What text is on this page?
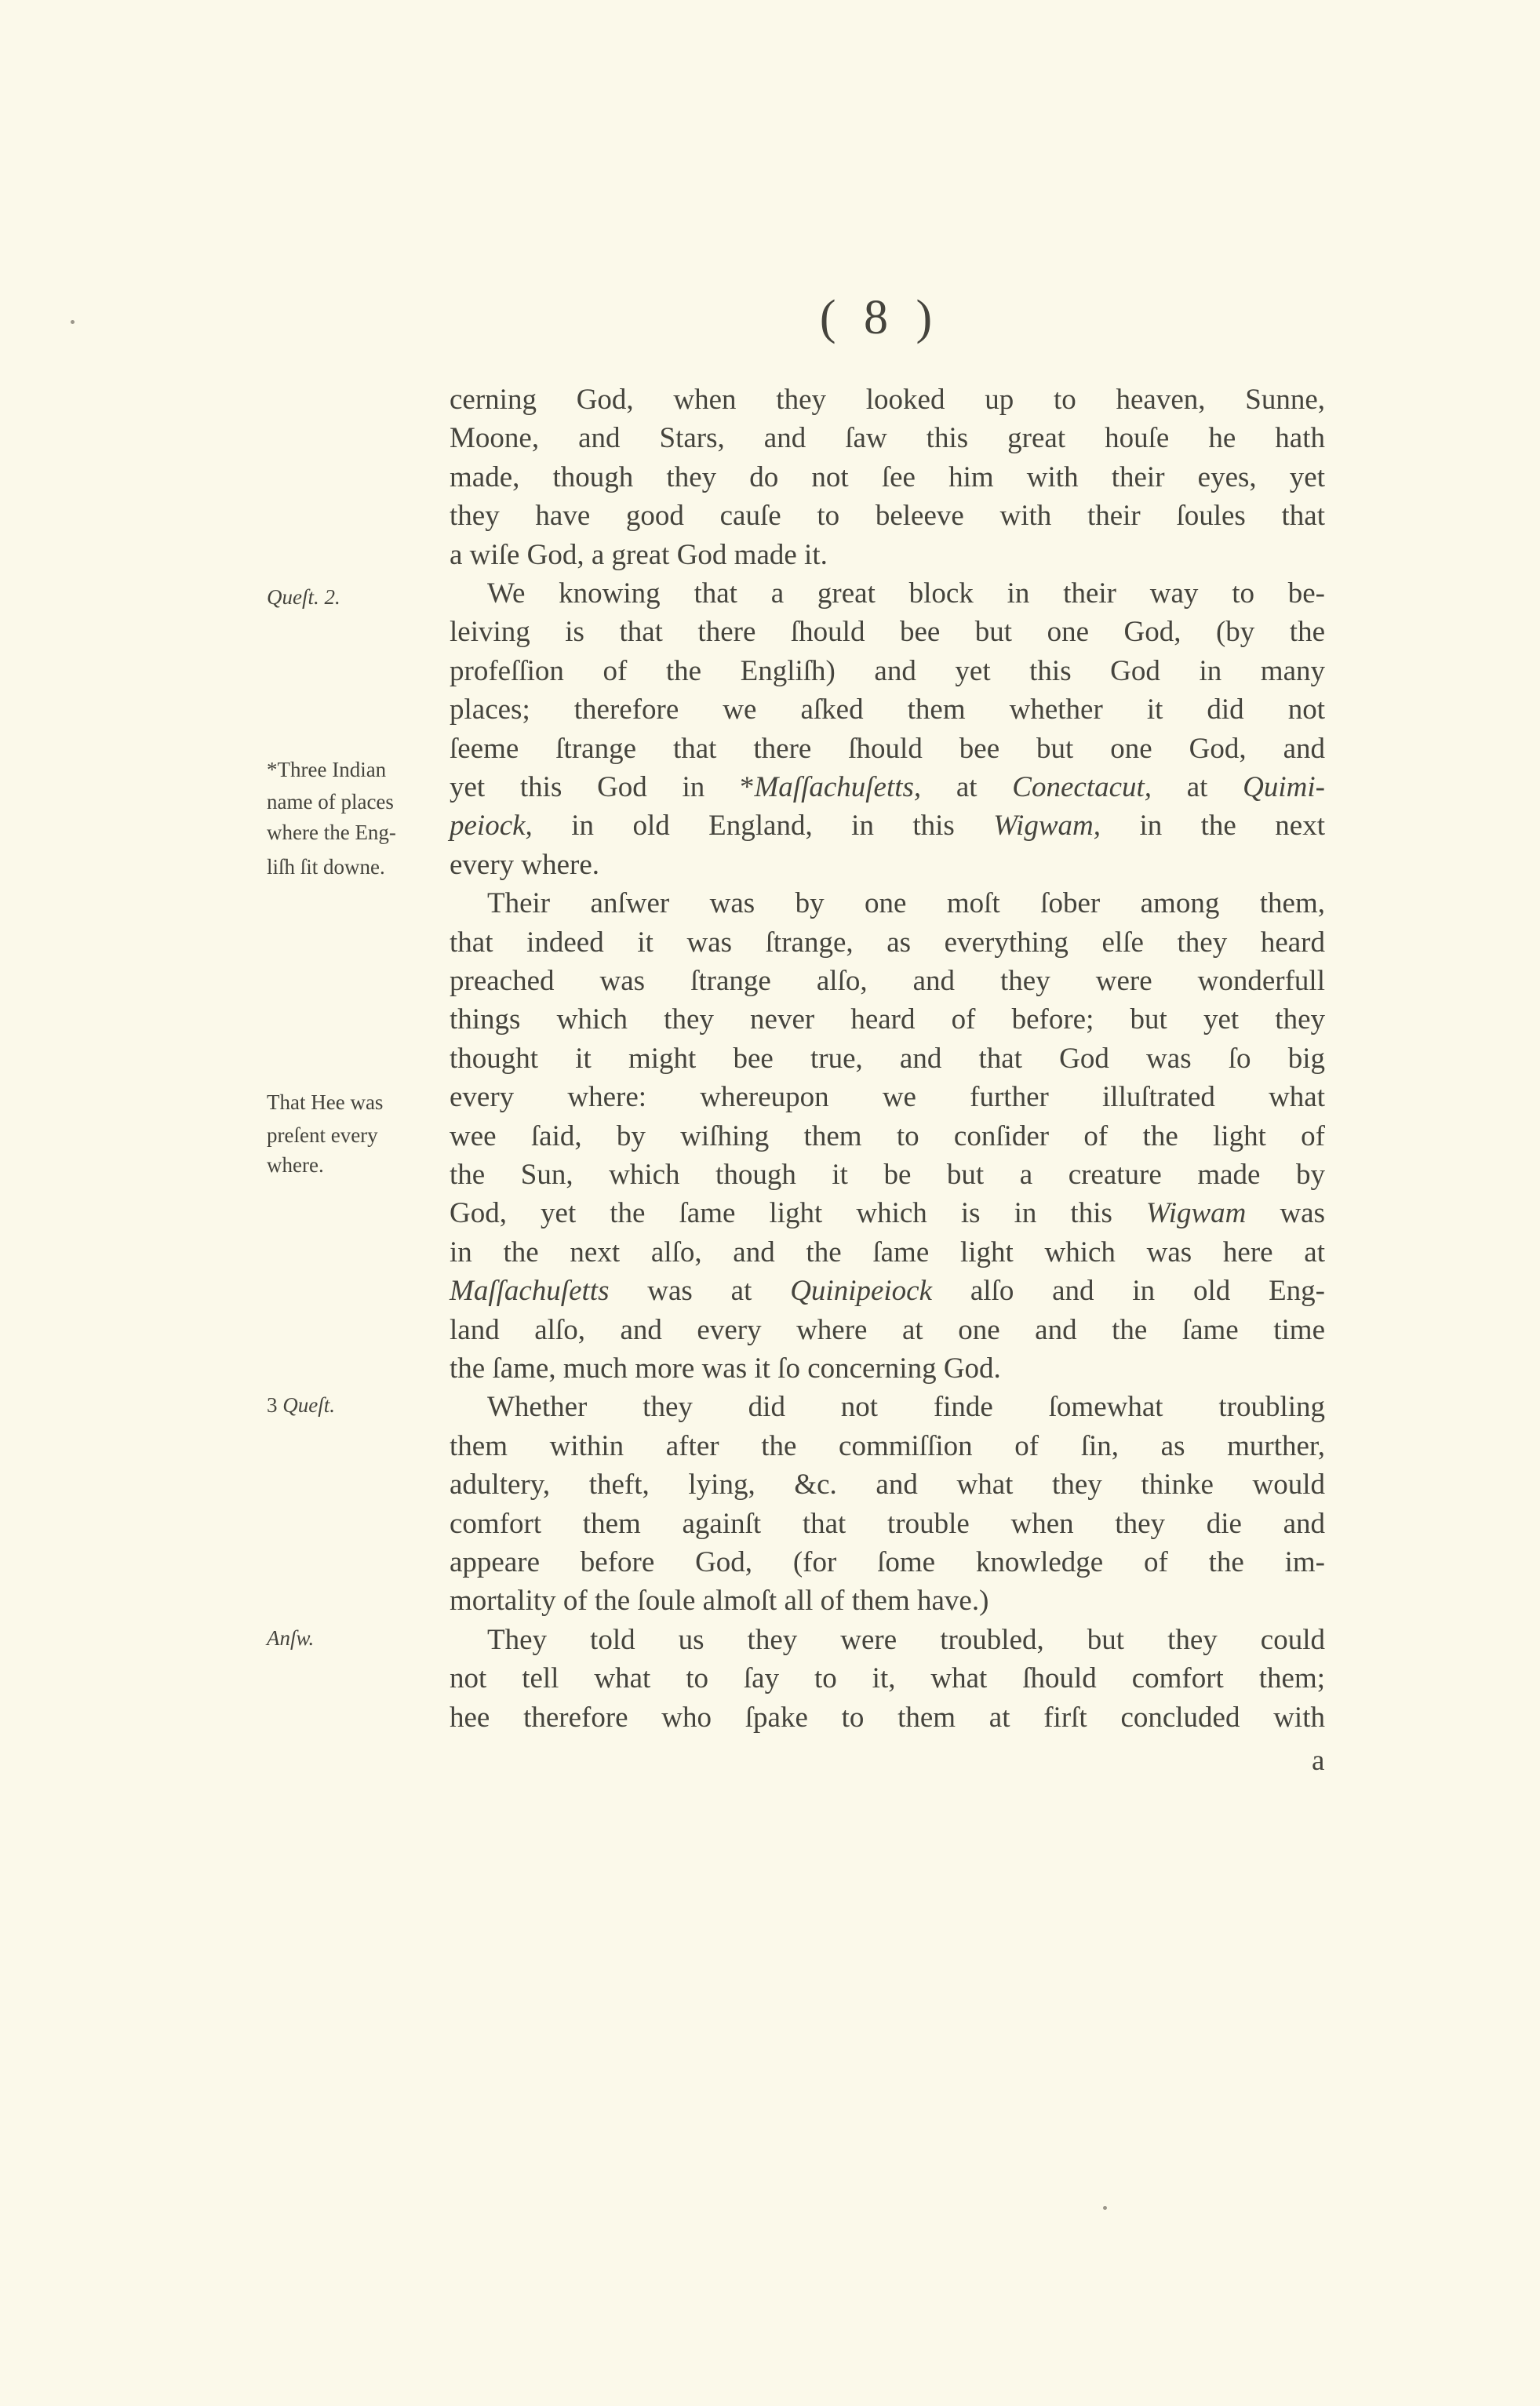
( 8 )
cerning God, when they looked up to heaven, Sunne,
Moone, and Stars, and ſaw this great houſe he hath
made, though they do not ſee him with their eyes, yet
they have good cauſe to beleeve with their ſoules that
a wiſe God, a great God made it.
We knowing that a great block in their way to be-
leiving is that there ſhould bee but one God, (by the
profeſſion of the Engliſh) and yet this God in many
places; therefore we aſked them whether it did not
ſeeme ſtrange that there ſhould bee but one God, and
yet this God in *Maſſachuſetts, at Conectacut, at Quimi-
peiock, in old England, in this Wigwam, in the next
every where.
Their anſwer was by one moſt ſober among them,
that indeed it was ſtrange, as everything elſe they heard
preached was ſtrange alſo, and they were wonderfull
things which they never heard of before; but yet they
thought it might bee true, and that God was ſo big
every where: whereupon we further illuſtrated what
wee ſaid, by wiſhing them to conſider of the light of
the Sun, which though it be but a creature made by
God, yet the ſame light which is in this Wigwam was
in the next alſo, and the ſame light which was here at
Maſſachuſetts was at Quinipeiock alſo and in old Eng-
land alſo, and every where at one and the ſame time
the ſame, much more was it ſo concerning God.
Whether they did not finde ſomewhat troubling
them within after the commiſſion of ſin, as murther,
adultery, theft, lying, &c. and what they thinke would
comfort them againſt that trouble when they die and
appeare before God, (for ſome knowledge of the im-
mortality of the ſoule almoſt all of them have.)
They told us they were troubled, but they could
not tell what to ſay to it, what ſhould comfort them;
hee therefore who ſpake to them at firſt concluded with
Queſt. 2.
*Three Indian
name of places
where the Eng-
liſh ſit downe.
That Hee was
preſent every
where.
3 Queſt.
Anſw.
a
